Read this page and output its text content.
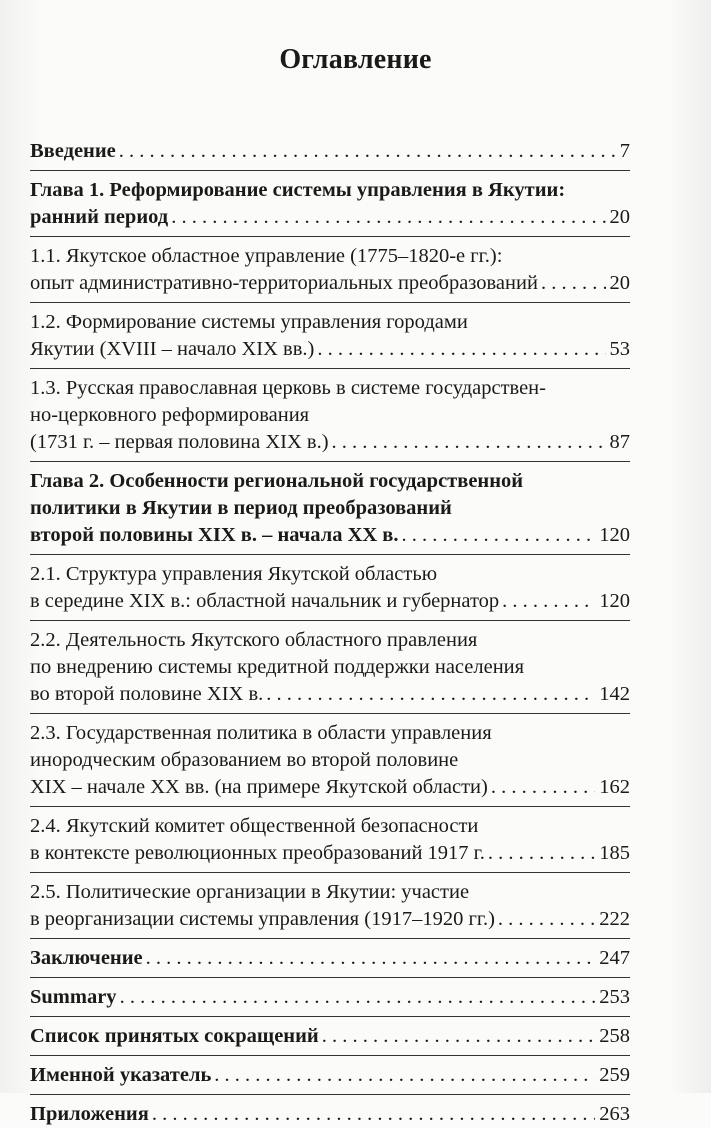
Оглавление
Введение . . .	7
Глава 1. Реформирование системы управления в Якутии:
ранний период . . .	20
1.1. Якутское областное управление (1775–1820-е гг.):
опыт административно-территориальных преобразований . . .	20
1.2. Формирование системы управления городами
Якутии (XVIII – начало XIX вв.) . . .	53
1.3. Русская православная церковь в системе государствен-
но-церковного реформирования
(1731 г. – первая половина XIX в.) . . .	87
Глава 2. Особенности региональной государственной
политики в Якутии в период преобразований
второй половины XIX в. – начала XX в. . . .	120
2.1. Структура управления Якутской областью
в середине XIX в.: областной начальник и губернатор . . .	120
2.2. Деятельность Якутского областного правления
по внедрению системы кредитной поддержки населения
во второй половине XIX в. . . .	142
2.3. Государственная политика в области управления
инородческим образованием во второй половине
XIX – начале XX вв. (на примере Якутской области) . . .	162
2.4. Якутский комитет общественной безопасности
в контексте революционных преобразований 1917 г. . . .	185
2.5. Политические организации в Якутии: участие
в реорганизации системы управления (1917–1920 гг.) . . .	222
Заключение . . .	247
Summary . . .	253
Список принятых сокращений . . .	258
Именной указатель . . .	259
Приложения . . .	263
